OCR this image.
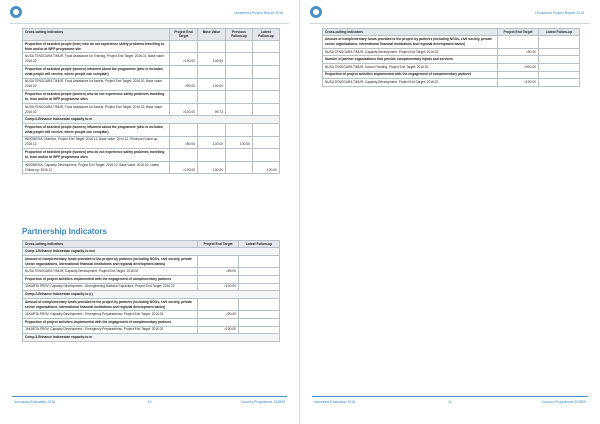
Household Project Report 2016
Cross-cutting Indicators	Project End Target	Base Value	Previous Follow-up	Latest Follow-up
Proportion of assisted people (men) who do not experience safety problems travelling to, from and/or at WFP programme site				
NUSA TENGGARA TIMUR, Food Assistance for Training, Project End Target: 2016.02, Base value: 2016.02	>100.00	100.00		
Proportion of assisted people (women) informed about the programme (who is included, what people will receive, where people can complain)				
NUSA TENGGARA TIMUR, Food Assistance for Assets, Project End Target: 2016.02, Base value: 2016.02	>90.00	100.00		
Proportion of assisted people (women) who do not experience safety problems travelling to, from and/or at WFP programme sites				
NUSA TENGGARA TIMUR, Food Assistance for Assets, Project End Target: 2016.02, Base value: 2016.02	>100.00	99.73		
Comp.3-Enhance Indonesian capacity to m				
Proportion of assisted people (women) informed about the programme (who is included, what people will receive, where people can complain)				
INDONESIA, Nutrition, Project End Target: 2016.12, Base value: 2014.12, Previous Follow-up: 2016.12	>80.00	100.00	100.00	
Proportion of assisted people (women) who do not experience safety problems travelling to, from and/or at WFP programme sites				
INDONESIA, Capacity Development, Project End Target: 2016.12, Base value: 2016.02, Latest Follow-up: 2016.12	>100.00	100.00		100.00
Partnership Indicators
Cross-cutting Indicators	Project End Target	Latest Follow-up
Comp.1-Enhance Indonesian capacity to moi		
Amount of complementary funds provided to the project by partners (including NGOs, civil society, private sector organizations, international financial institutions and regional development banks)		
NUSA TENGGARA TIMUR, Capacity Development, Project End Target: 2016.02	>89.00	
Proportion of project activities implemented with the engagement of complementary partners		
JAKARTA PROV, Capacity Development - Strengthening National Capacities, Project End Target: 2016.02	>100.00	
Comp.2-Enhance Indonesian capacity to (r)		
Amount of complementary funds provided to the project by partners (including NGOs, civil society, private sector organizations, international financial institutions and regional development banks)		
JAKARTA PROV, Capacity Development - Emergency Preparedness, Project End Target: 2016.02	>50.00	
Proportion of project activities implemented with the engagement of complementary partners		
JAKARTA PROV, Capacity Development - Emergency Preparedness, Project End Target: 2016.02	>100.00	
Comp.3-Enhance Indonesian capacity to m		
Indonesia Evaluation 2016	10	Country Programme 200805
Household Project Report 2016
Cross-cutting Indicators	Project End Target	Latest Follow-up
Amount of complementary funds provided to the project by partners (including NGOs, civil society, private sector organizations, international financial institutions and regional development banks)		
NUSA TENGGARA TIMUR, Capacity Development, Project End Target: 2016.02	>90.00	
Number of partner organizations that provide complementary inputs and services		
NUSA TENGGARA TIMUR, School Feeding, Project End Target: 2016.02	>900.00	
Proportion of project activities implemented with the engagement of complementary partners		
NUSA TENGGARA TIMUR, Capacity Development, Project End Target: 2016.02	>100.00	
Indonesia Evaluation 2016	11	Country Programme 200805
